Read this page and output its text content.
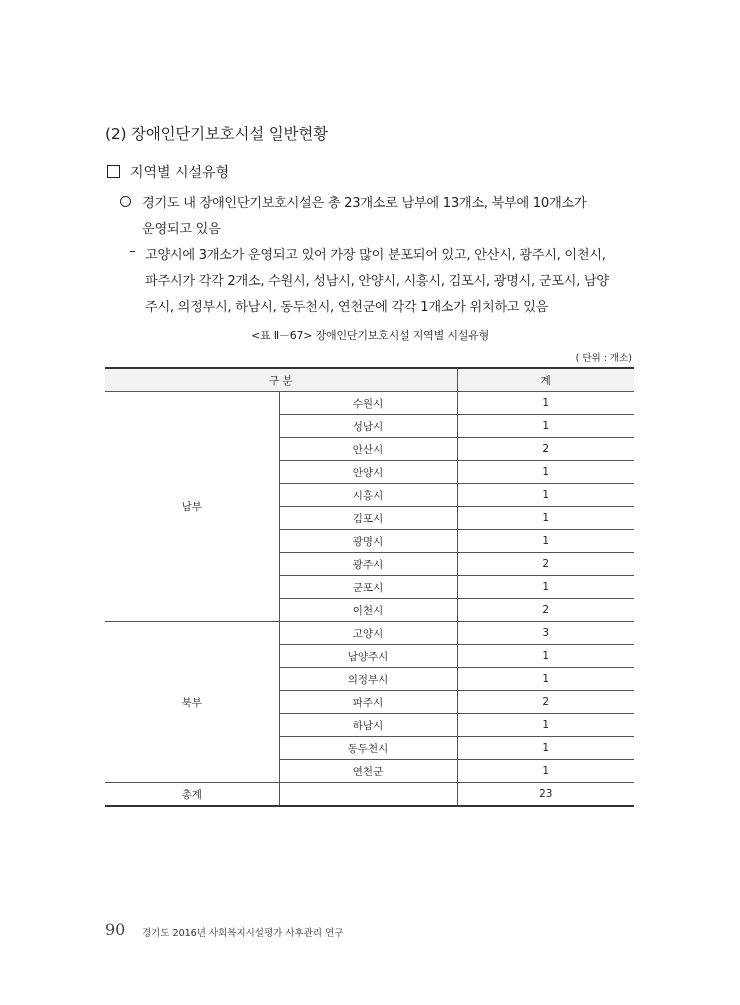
(2) 장애인단기보호시설 일반현황
지역별 시설유형
경기도 내 장애인단기보호시설은 총 23개소로 남부에 13개소, 북부에 10개소가
운영되고 있음
– 고양시에 3개소가 운영되고 있어 가장 많이 분포되어 있고, 안산시, 광주시, 이천시,
파주시가 각각 2개소, 수원시, 성남시, 안양시, 시흥시, 김포시, 광명시, 군포시, 남양
주시, 의정부시, 하남시, 동두천시, 연천군에 각각 1개소가 위치하고 있음
<표 Ⅱ－67> 장애인단기보호시설 지역별 시설유형
( 단위 : 개소)
구 분		계
남부	수원시	1
	성남시	1
	안산시	2
	안양시	1
	시흥시	1
	김포시	1
	광명시	1
	광주시	2
	군포시	1
	이천시	2
북부	고양시	3
	남양주시	1
	의정부시	1
	파주시	2
	하남시	1
	동두천시	1
	연천군	1
총계		23
90 경기도 2016년 사회복지시설평가 사후관리 연구
